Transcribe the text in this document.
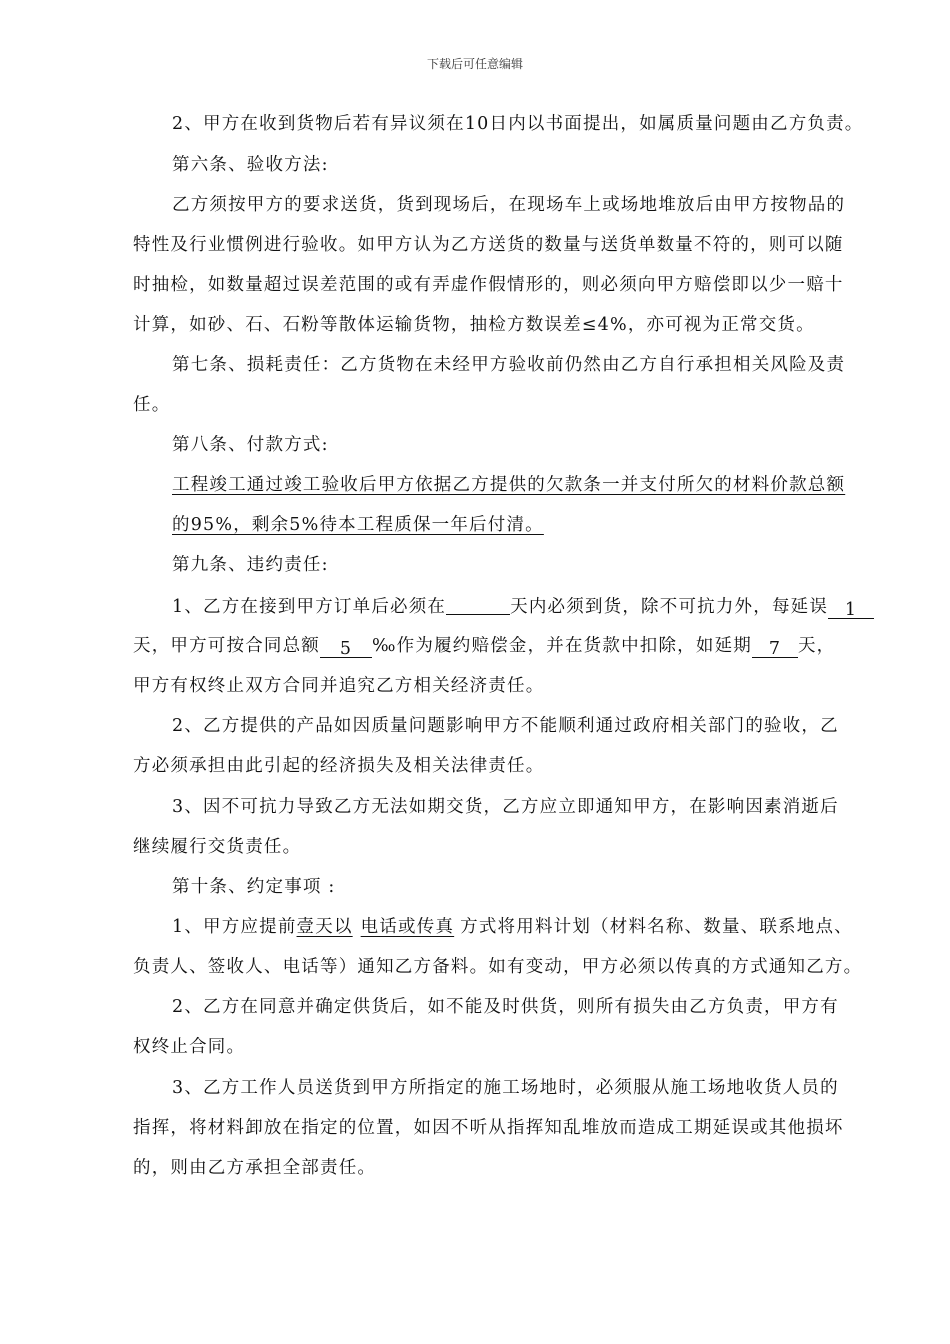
下载后可任意编辑
2、甲方在收到货物后若有异议须在10日内以书面提出，如属质量问题由乙方负责。
第六条、验收方法:
乙方须按甲方的要求送货，货到现场后，在现场车上或场地堆放后由甲方按物品的
特性及行业惯例进行验收。如甲方认为乙方送货的数量与送货单数量不符的，则可以随
时抽检，如数量超过误差范围的或有弄虚作假情形的，则必须向甲方赔偿即以少一赔十
计算，如砂、石、石粉等散体运输货物，抽检方数误差≤4%，亦可视为正常交货。
第七条、损耗责任：乙方货物在未经甲方验收前仍然由乙方自行承担相关风险及责
任。
第八条、付款方式:
工程竣工通过竣工验收后甲方依据乙方提供的欠款条一并支付所欠的材料价款总额
的95%，剩余5%待本工程质保一年后付清。
第九条、违约责任:
1、乙方在接到甲方订单后必须在	天内必须到货，除不可抗力外，每延误 1
天，甲方可按合同总额 5 ‰作为履约赔偿金，并在货款中扣除，如延期 7 天，
甲方有权终止双方合同并追究乙方相关经济责任。
2、乙方提供的产品如因质量问题影响甲方不能顺利通过政府相关部门的验收，乙
方必须承担由此引起的经济损失及相关法律责任。
3、因不可抗力导致乙方无法如期交货，乙方应立即通知甲方，在影响因素消逝后
继续履行交货责任。
第十条、约定事项 :
1、甲方应提前壹天以 电话或传真 方式将用料计划（材料名称、数量、联系地点、
负责人、签收人、电话等）通知乙方备料。如有变动，甲方必须以传真的方式通知乙方。
2、乙方在同意并确定供货后，如不能及时供货，则所有损失由乙方负责，甲方有
权终止合同。
3、乙方工作人员送货到甲方所指定的施工场地时，必须服从施工场地收货人员的
指挥，将材料卸放在指定的位置，如因不听从指挥知乱堆放而造成工期延误或其他损坏
的，则由乙方承担全部责任。
